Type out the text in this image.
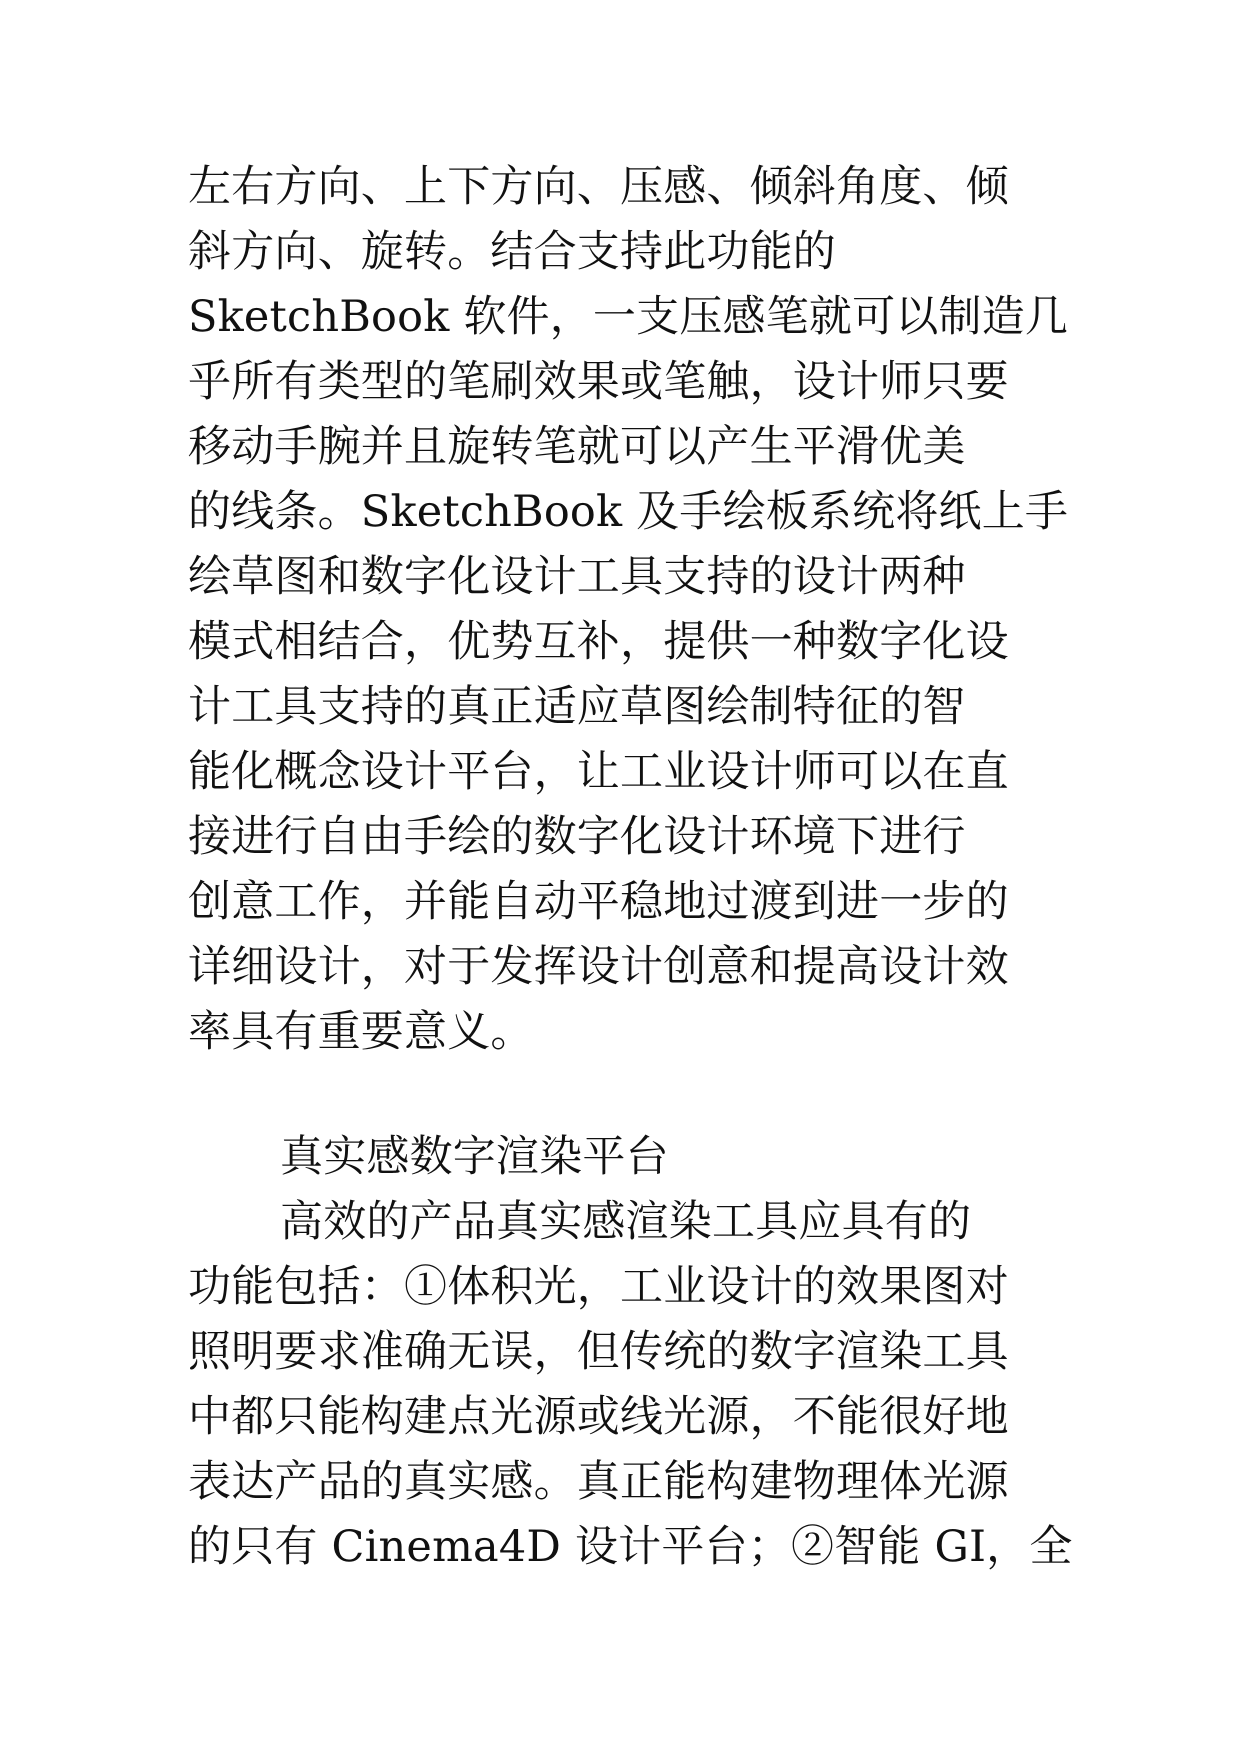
左右方向、上下方向、压感、倾斜角度、倾
斜方向、旋转。结合支持此功能的
SketchBook 软件，一支压感笔就可以制造几
乎所有类型的笔刷效果或笔触，设计师只要
移动手腕并且旋转笔就可以产生平滑优美
的线条。SketchBook 及手绘板系统将纸上手
绘草图和数字化设计工具支持的设计两种
模式相结合，优势互补，提供一种数字化设
计工具支持的真正适应草图绘制特征的智
能化概念设计平台，让工业设计师可以在直
接进行自由手绘的数字化设计环境下进行
创意工作，并能自动平稳地过渡到进一步的
详细设计，对于发挥设计创意和提高设计效
率具有重要意义。
真实感数字渲染平台
高效的产品真实感渲染工具应具有的
功能包括：①体积光，工业设计的效果图对
照明要求准确无误，但传统的数字渲染工具
中都只能构建点光源或线光源，不能很好地
表达产品的真实感。真正能构建物理体光源
的只有 Cinema4D 设计平台；②智能 GI，全
